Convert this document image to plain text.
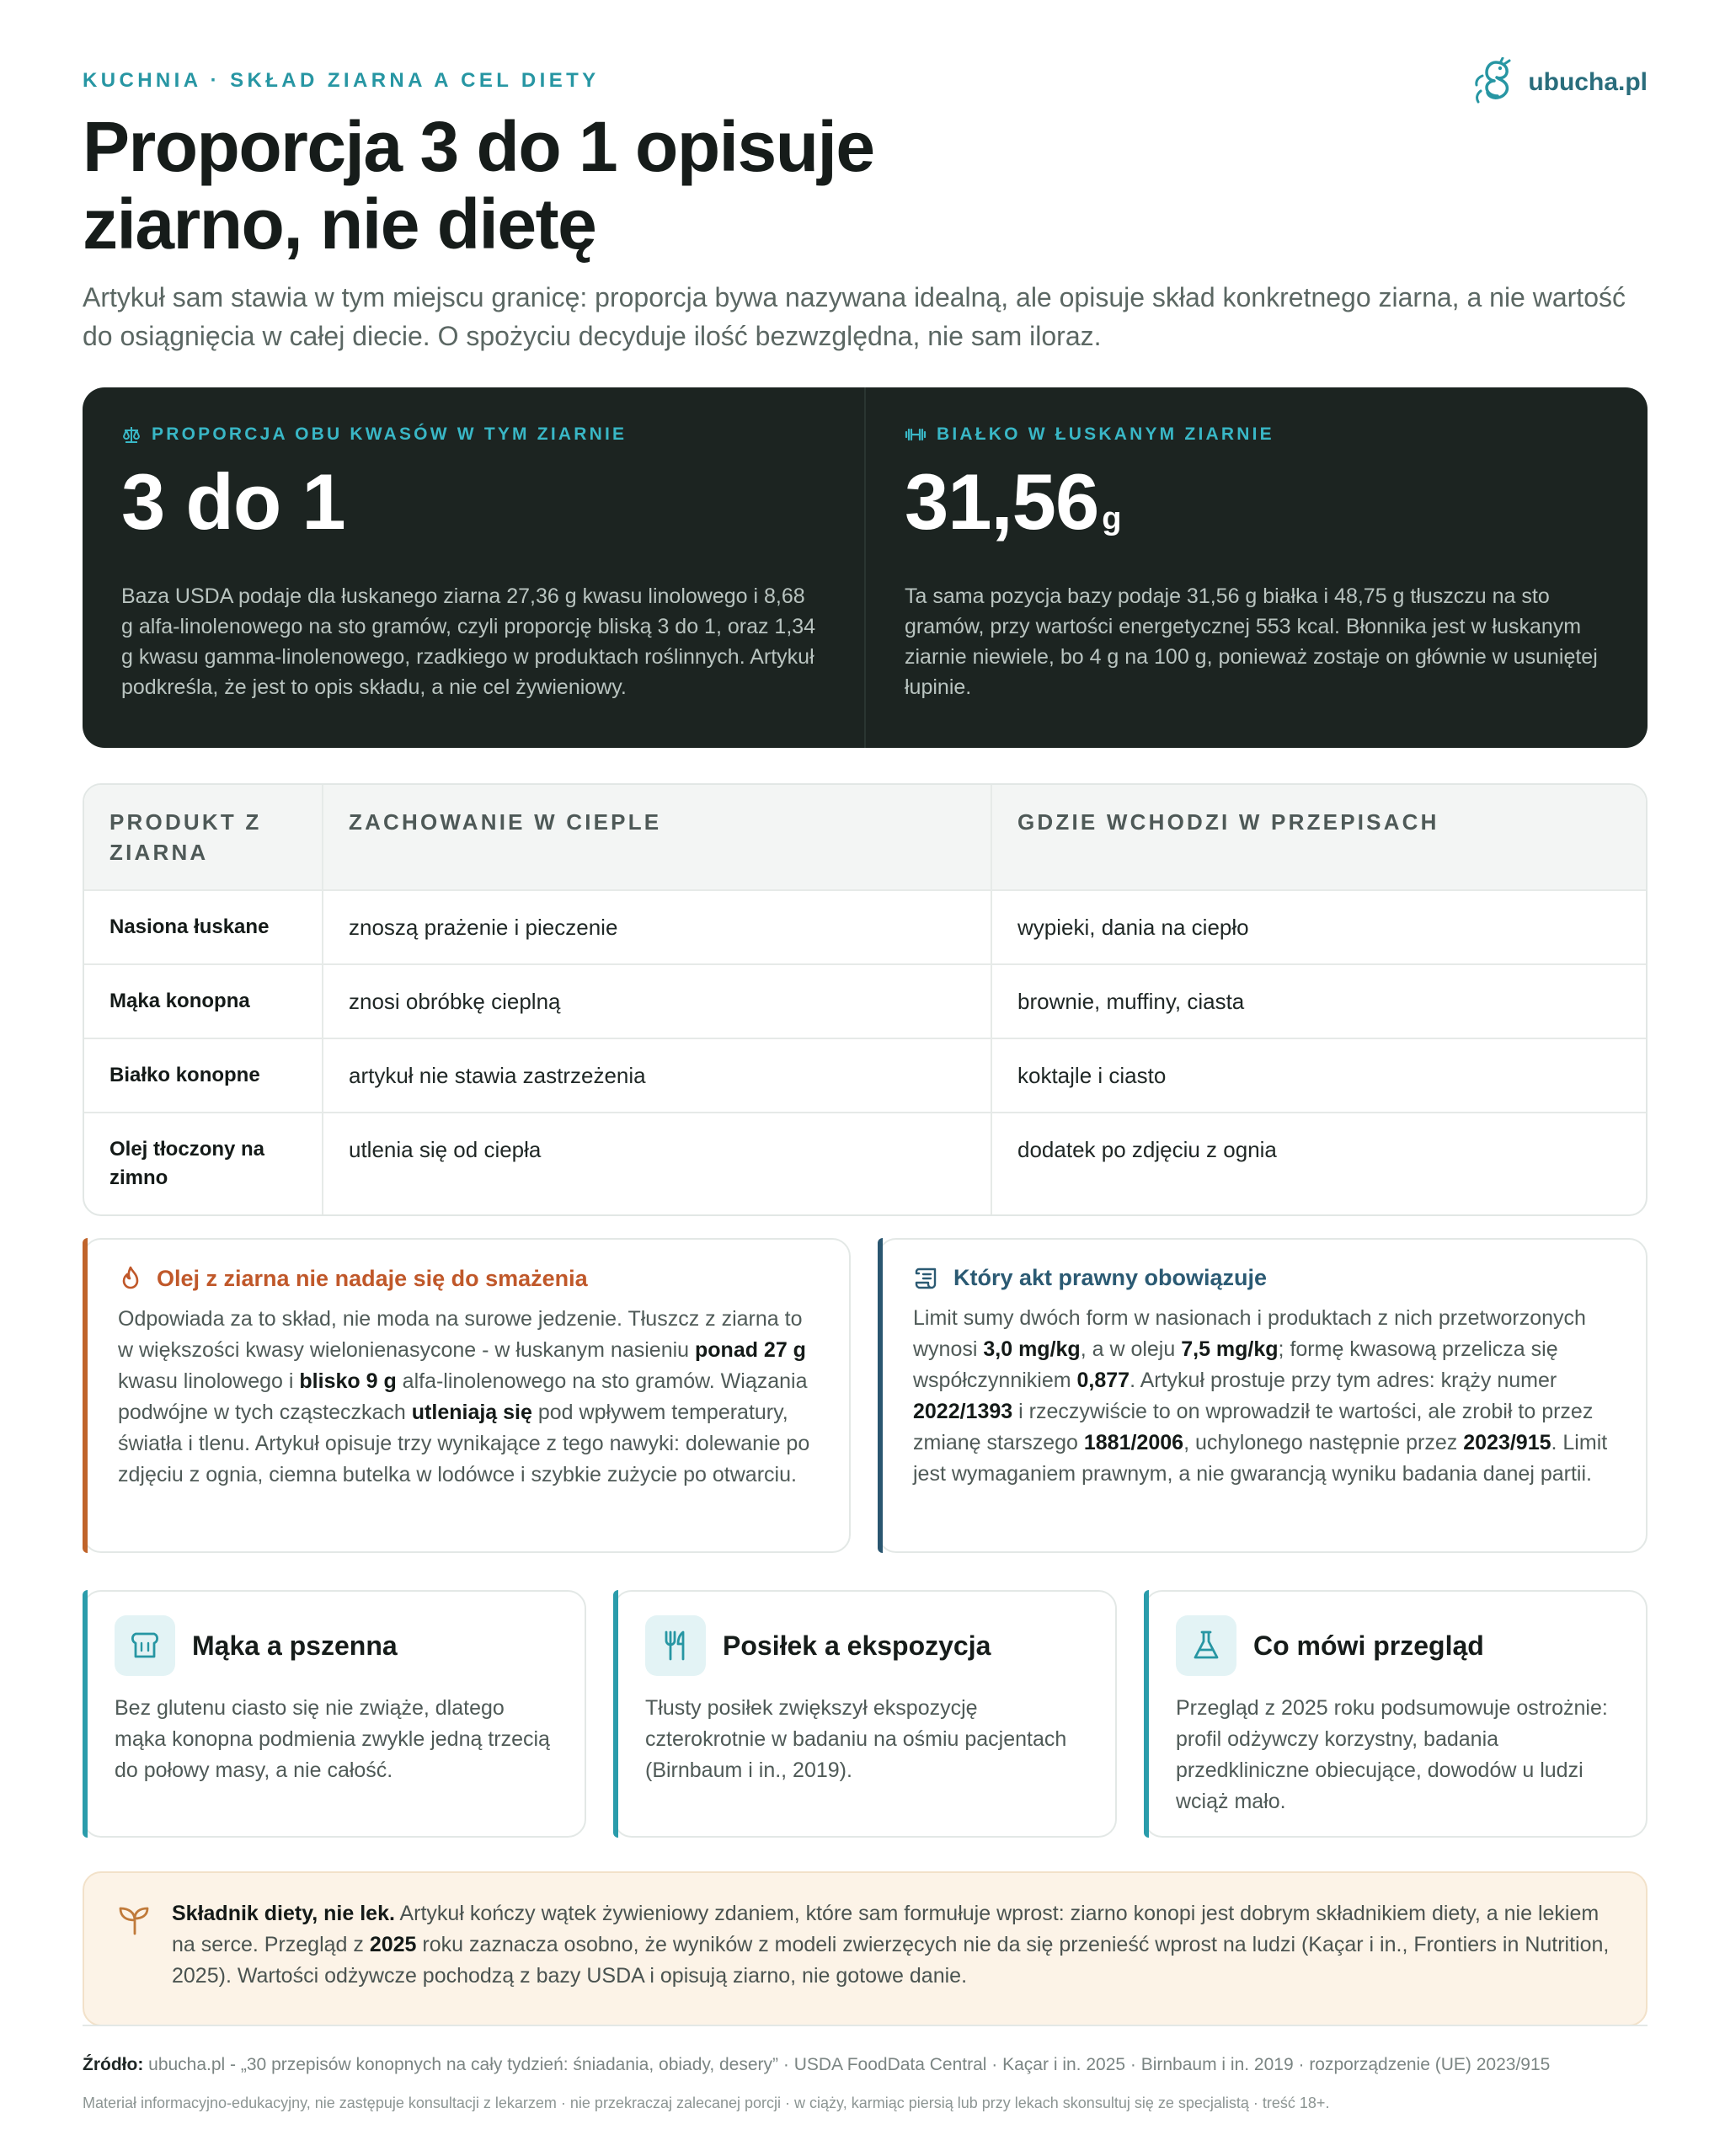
KUCHNIA · SKŁAD ZIARNA A CEL DIETY	ubucha.pl
Proporcja 3 do 1 opisuje ziarno, nie dietę

Artykuł sam stawia w tym miejscu granicę: proporcja bywa nazywana idealną, ale opisuje skład konkretnego ziarna, a nie wartość do osiągnięcia w całej diecie. O spożyciu decyduje ilość bezwzględna, nie sam iloraz.

PROPORCJA OBU KWASÓW W TYM ZIARNIE
3 do 1

Baza USDA podaje dla łuskanego ziarna 27,36 g kwasu linolowego i 8,68 g alfa‑linolenowego na sto gramów, czyli proporcję bliską 3 do 1, oraz 1,34 g kwasu gamma‑linolenowego, rzadkiego w produktach roślinnych. Artykuł podkreśla, że jest to opis składu, a nie cel żywieniowy.

BIAŁKO W ŁUSKANYM ZIARNIE
31,56 g

Ta sama pozycja bazy podaje 31,56 g białka i 48,75 g tłuszczu na sto gramów, przy wartości energetycznej 553 kcal. Błonnika jest w łuskanym ziarnie niewiele, bo 4 g na 100 g, ponieważ zostaje on głównie w usuniętej łupinie.

PRODUKT Z ZIARNA	ZACHOWANIE W CIEPLE	GDZIE WCHODZI W PRZEPISACH
Nasiona łuskane	znoszą prażenie i pieczenie	wypieki, dania na ciepło
Mąka konopna	znosi obróbkę cieplną	brownie, muffiny, ciasta
Białko konopne	artykuł nie stawia zastrzeżenia	koktajle i ciasto
Olej tłoczony na zimno	utlenia się od ciepła	dodatek po zdjęciu z ognia
Olej z ziarna nie nadaje się do smażenia

Odpowiada za to skład, nie moda na surowe jedzenie. Tłuszcz z ziarna to w większości kwasy wielonienasycone ‑ w łuskanym nasieniu ponad 27 g kwasu linolowego i blisko 9 g alfa‑linolenowego na sto gramów. Wiązania podwójne w tych cząsteczkach utleniają się pod wpływem temperatury, światła i tlenu. Artykuł opisuje trzy wynikające z tego nawyki: dolewanie po zdjęciu z ognia, ciemna butelka w lodówce i szybkie zużycie po otwarciu.

Który akt prawny obowiązuje

Limit sumy dwóch form w nasionach i produktach z nich przetworzonych wynosi 3,0 mg/kg, a w oleju 7,5 mg/kg; formę kwasową przelicza się współczynnikiem 0,877. Artykuł prostuje przy tym adres: krąży numer 2022/1393 i rzeczywiście to on wprowadził te wartości, ale zrobił to przez zmianę starszego 1881/2006, uchylonego następnie przez 2023/915. Limit jest wymaganiem prawnym, a nie gwarancją wyniku badania danej partii.

Mąka a pszenna

Bez glutenu ciasto się nie zwiąże, dlatego mąka konopna podmienia zwykle jedną trzecią do połowy masy, a nie całość.

Posiłek a ekspozycja

Tłusty posiłek zwiększył ekspozycję czterokrotnie w badaniu na ośmiu pacjentach (Birnbaum i in., 2019).

Co mówi przegląd

Przegląd z 2025 roku podsumowuje ostrożnie: profil odżywczy korzystny, badania przedkliniczne obiecujące, dowodów u ludzi wciąż mało.

Składnik diety, nie lek. Artykuł kończy wątek żywieniowy zdaniem, które sam formułuje wprost: ziarno konopi jest dobrym składnikiem diety, a nie lekiem na serce. Przegląd z 2025 roku zaznacza osobno, że wyników z modeli zwierzęcych nie da się przenieść wprost na ludzi (Kaçar i in., Frontiers in Nutrition, 2025). Wartości odżywcze pochodzą z bazy USDA i opisują ziarno, nie gotowe danie.

Źródło: ubucha.pl ‑ „30 przepisów konopnych na cały tydzień: śniadania, obiady, desery” · USDA FoodData Central · Kaçar i in. 2025 · Birnbaum i in. 2019 · rozporządzenie (UE) 2023/915

Materiał informacyjno‑edukacyjny, nie zastępuje konsultacji z lekarzem · nie przekraczaj zalecanej porcji · w ciąży, karmiąc piersią lub przy lekach skonsultuj się ze specjalistą · treść 18+.
